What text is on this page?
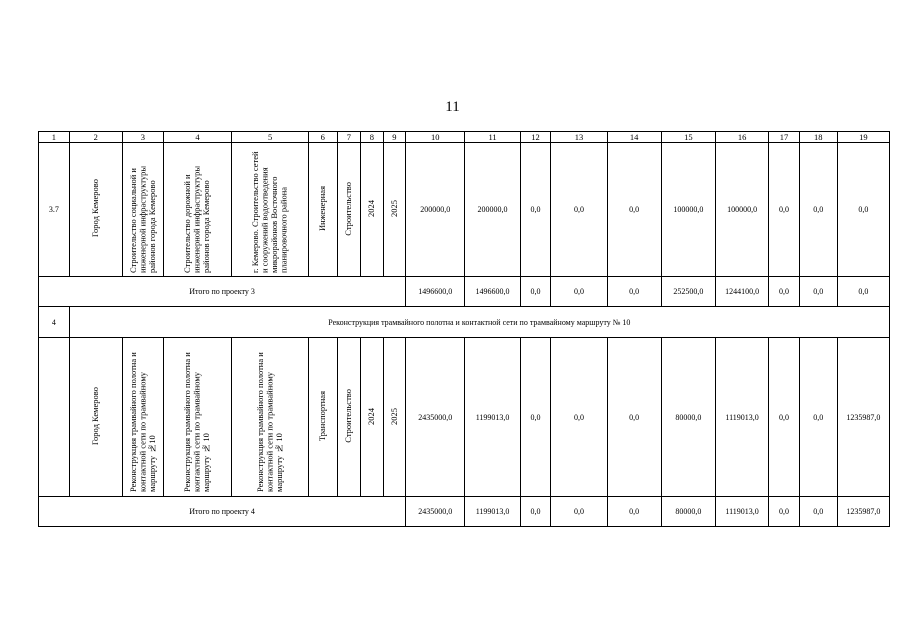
11
1	2	3	4	5	6	7	8	9	10	11	12	13	14	15	16	17	18	19
3.7	Город Кемерово	Строительство социальной и инженерной инфраструктуры районов города Кемерово	Строительство дорожной и инженерной инфраструктуры районов города Кемерово	г. Кемерово. Строительство сетей и сооружений водоотведения микрорайонов Восточного планировочного района	Инженерная	Строительство	2024	2025	200000,0	200000,0	0,0	0,0	0,0	100000,0	100000,0	0,0	0,0	0,0
Итого по проекту 3									1496600,0	1496600,0	0,0	0,0	0,0	252500,0	1244100,0	0,0	0,0	0,0
4	Реконструкция трамвайного полотна и контактной сети по трамвайному маршруту № 10																	
	Город Кемерово	Реконструкция трамвайного полотна и контактной сети по трамвайному маршруту №10	Реконструкция трамвайного полотна и контактной сети по трамвайному маршруту № 10	Реконструкция трамвайного полотна и контактной сети по трамвайному маршруту № 10	Транспортная	Строительство	2024	2025	2435000,0	1199013,0	0,0	0,0	0,0	80000,0	1119013,0	0,0	0,0	1235987,0
Итого по проекту 4									2435000,0	1199013,0	0,0	0,0	0,0	80000,0	1119013,0	0,0	0,0	1235987,0
